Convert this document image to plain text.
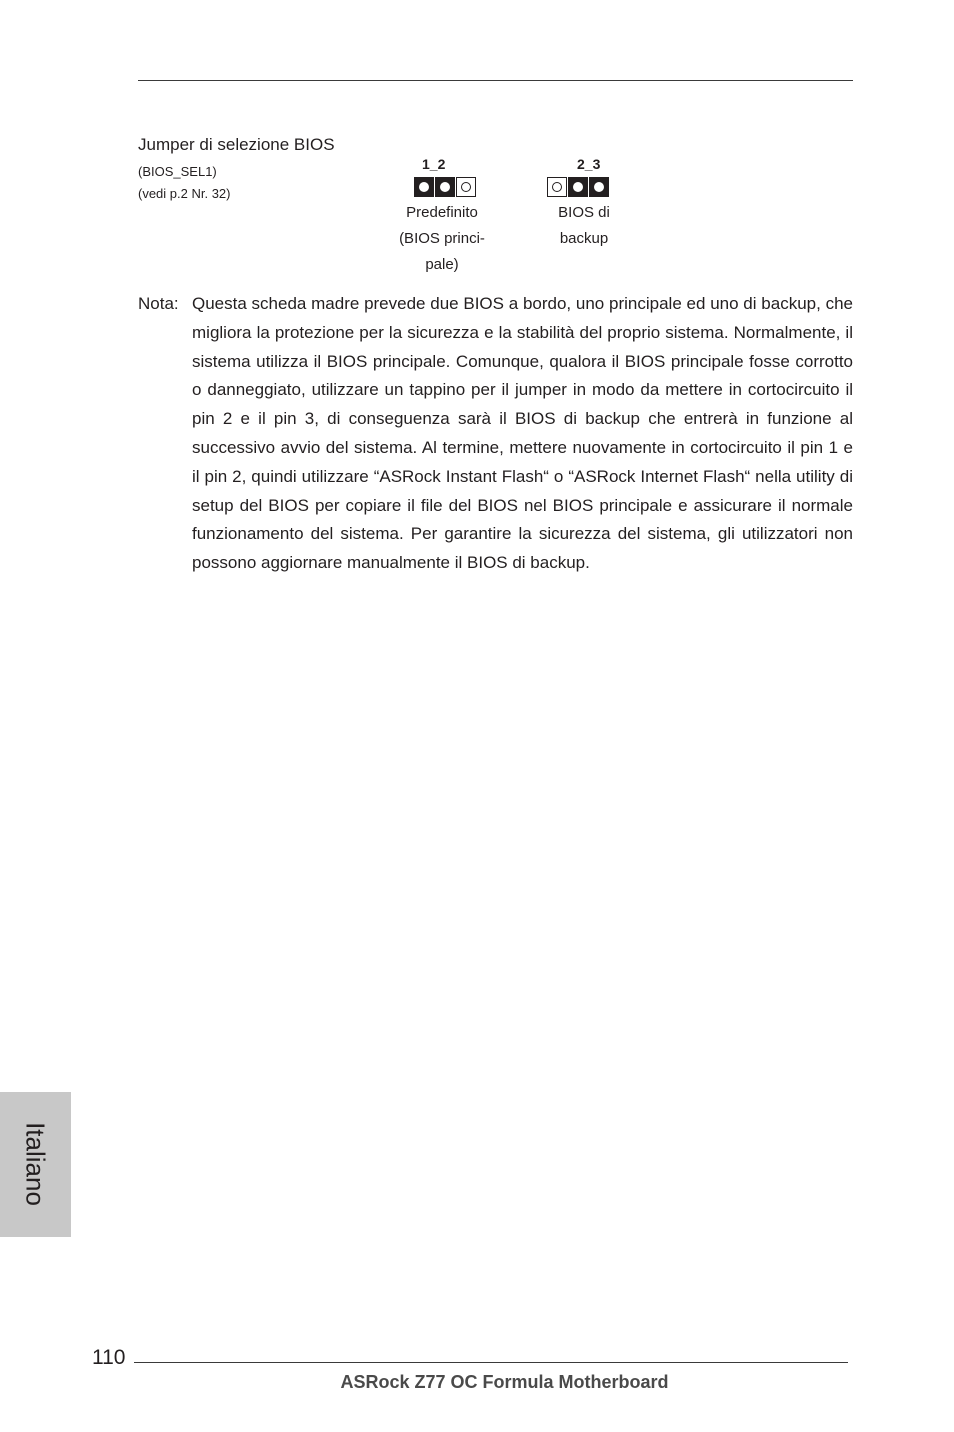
Jumper di selezione BIOS
(BIOS_SEL1)
(vedi p.2 Nr. 32)
1_2
Predefinito
(BIOS princi-
pale)
2_3
BIOS di
backup
Nota: Questa scheda madre prevede due BIOS a bordo, uno principale ed uno di backup, che migliora la protezione per la sicurezza e la stabilità del proprio sistema. Normalmente, il sistema utilizza il BIOS principale. Comunque, qualora il BIOS principale fosse corrotto o danneggiato, utilizzare un tappino per il jumper in modo da mettere in cortocircuito il pin 2 e il pin 3, di conseguenza sarà il BIOS di backup che entrerà in funzione al successivo avvio del sistema. Al termine, mettere nuovamente in cortocircuito il pin 1 e il pin 2, quindi utilizzare “ASRock Instant Flash“ o “ASRock Internet Flash“ nella utility di setup del BIOS per copiare il file del BIOS nel BIOS principale e assicurare il normale funzionamento del sistema. Per garantire la sicurezza del sistema, gli utilizzatori non possono aggiornare manualmente il BIOS di backup.
Italiano
110
ASRock Z77 OC Formula Motherboard
